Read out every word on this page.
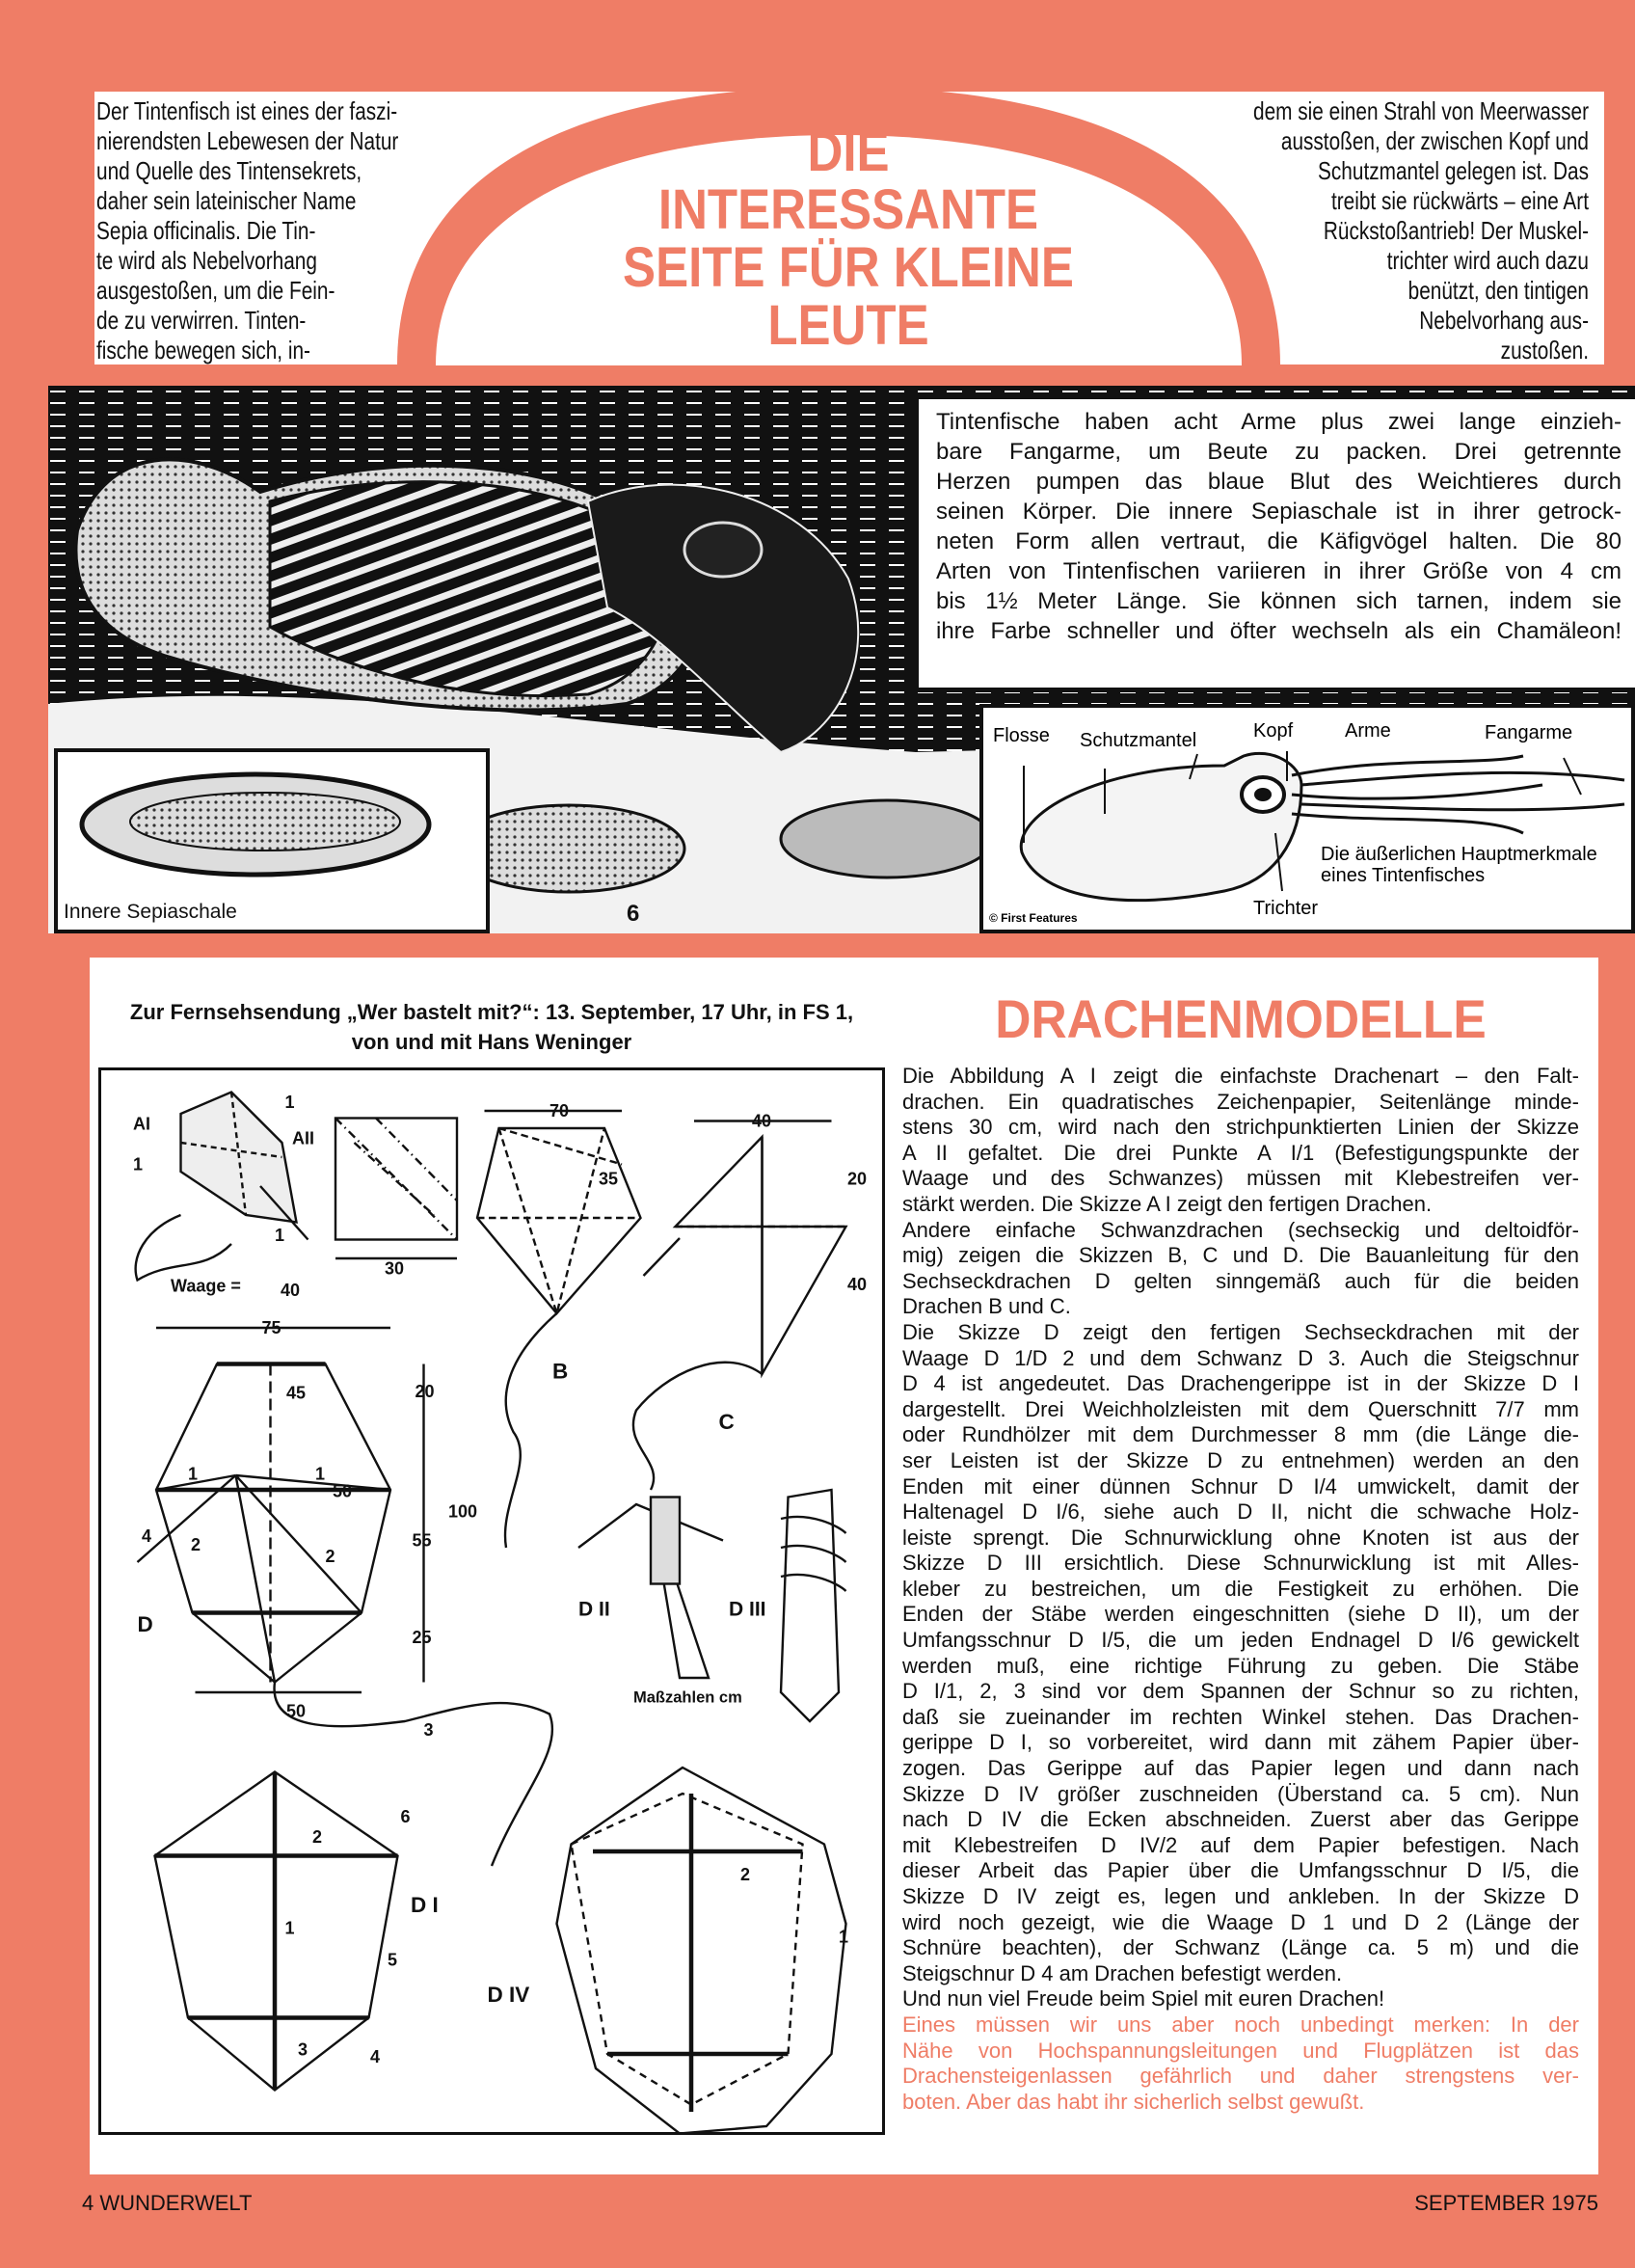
Der Tintenfisch ist eines der faszi-
nierendsten Lebewesen der Natur
und Quelle des Tintensekrets,
daher sein lateinischer Name
Sepia officinalis. Die Tin-
te wird als Nebelvorhang
ausgestoßen, um die Fein-
de zu verwirren. Tinten-
fische bewegen sich, in-
dem sie einen Strahl von Meerwasser
ausstoßen, der zwischen Kopf und
Schutzmantel gelegen ist. Das
treibt sie rückwärts – eine Art
Rückstoßantrieb! Der Muskel-
trichter wird auch dazu
benützt, den tintigen
Nebelvorhang aus-
zustoßen.
DIE
INTERESSANTE
SEITE FÜR KLEINE
LEUTE
6
Tintenfische haben acht Arme plus zwei lange einzieh-
bare Fangarme, um Beute zu packen. Drei getrennte
Herzen pumpen das blaue Blut des Weichtieres durch
seinen Körper. Die innere Sepiaschale ist in ihrer getrock-
neten Form allen vertraut, die Käfigvögel halten. Die 80
Arten von Tintenfischen variieren in ihrer Größe von 4 cm
bis 1½ Meter Länge. Sie können sich tarnen, indem sie
ihre Farbe schneller und öfter wechseln als ein Chamäleon!
Innere Sepiaschale
Flosse Schutzmantel	Kopf	Arme	Fangarme
Trichter
Die äußerlichen Hauptmerkmale
eines Tintenfisches
© First Features
Zur Fernsehsendung „Wer bastelt mit?“: 13. September, 17 Uhr, in FS 1,
von und mit Hans Weninger
AI
AII
1
1
1
Waage =	40
30
70
35
B
40
20
40
C
75
45	20
1	1
50
4	2
2
55
100
D
25
50
3
D II	D III
Maßzahlen cm
6
2
D I
1
5
3	4
D IV
2
1
DRACHENMODELLE
Die Abbildung A I zeigt die einfachste Drachenart – den Falt-
drachen. Ein quadratisches Zeichenpapier, Seitenlänge minde-
stens 30 cm, wird nach den strichpunktierten Linien der Skizze
A II gefaltet. Die drei Punkte A I/1 (Befestigungspunkte der
Waage und des Schwanzes) müssen mit Klebestreifen ver-
stärkt werden. Die Skizze A I zeigt den fertigen Drachen.
Andere einfache Schwanzdrachen (sechseckig und deltoidför-
mig) zeigen die Skizzen B, C und D. Die Bauanleitung für den
Sechseckdrachen D gelten sinngemäß auch für die beiden
Drachen B und C.
Die Skizze D zeigt den fertigen Sechseckdrachen mit der
Waage D 1/D 2 und dem Schwanz D 3. Auch die Steigschnur
D 4 ist angedeutet. Das Drachengerippe ist in der Skizze D I
dargestellt. Drei Weichholzleisten mit dem Querschnitt 7/7 mm
oder Rundhölzer mit dem Durchmesser 8 mm (die Länge die-
ser Leisten ist der Skizze D zu entnehmen) werden an den
Enden mit einer dünnen Schnur D I/4 umwickelt, damit der
Haltenagel D I/6, siehe auch D II, nicht die schwache Holz-
leiste sprengt. Die Schnurwicklung ohne Knoten ist aus der
Skizze D III ersichtlich. Diese Schnurwicklung ist mit Alles-
kleber zu bestreichen, um die Festigkeit zu erhöhen. Die
Enden der Stäbe werden eingeschnitten (siehe D II), um der
Umfangsschnur D I/5, die um jeden Endnagel D I/6 gewickelt
werden muß, eine richtige Führung zu geben. Die Stäbe
D I/1, 2, 3 sind vor dem Spannen der Schnur so zu richten,
daß sie zueinander im rechten Winkel stehen. Das Drachen-
gerippe D I, so vorbereitet, wird dann mit zähem Papier über-
zogen. Das Gerippe auf das Papier legen und dann nach
Skizze D IV größer zuschneiden (Überstand ca. 5 cm). Nun
nach D IV die Ecken abschneiden. Zuerst aber das Gerippe
mit Klebestreifen D IV/2 auf dem Papier befestigen. Nach
dieser Arbeit das Papier über die Umfangsschnur D I/5, die
Skizze D IV zeigt es, legen und ankleben. In der Skizze D
wird noch gezeigt, wie die Waage D 1 und D 2 (Länge der
Schnüre beachten), der Schwanz (Länge ca. 5 m) und die
Steigschnur D 4 am Drachen befestigt werden.
Und nun viel Freude beim Spiel mit euren Drachen!
Eines müssen wir uns aber noch unbedingt merken: In der
Nähe von Hochspannungsleitungen und Flugplätzen ist das
Drachensteigenlassen gefährlich und daher strengstens ver-
boten. Aber das habt ihr sicherlich selbst gewußt.
4 WUNDERWELT	SEPTEMBER 1975
